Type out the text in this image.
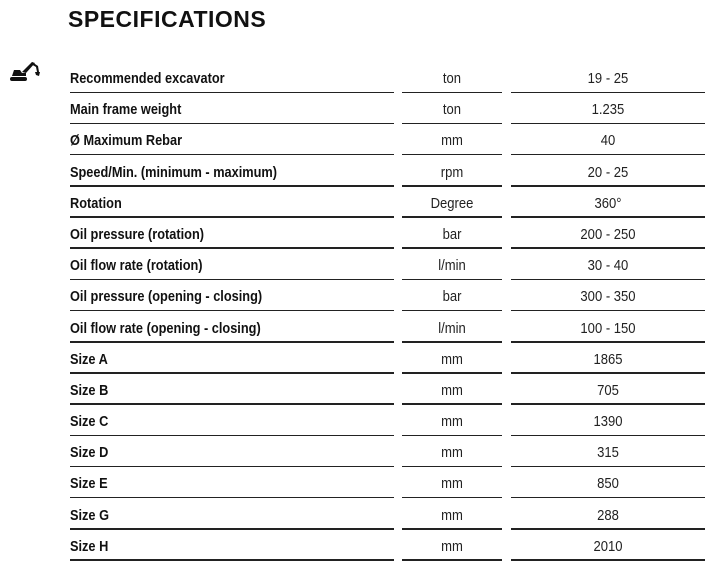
SPECIFICATIONS
Recommended excavator	ton	19 - 25
Main frame weight	ton	1.235
Ø Maximum Rebar	mm	40
Speed/Min. (minimum - maximum)	rpm	20 - 25
Rotation	Degree	360°
Oil pressure (rotation)	bar	200 - 250
Oil flow rate (rotation)	l/min	30 - 40
Oil pressure (opening - closing)	bar	300 - 350
Oil flow rate (opening - closing)	l/min	100 - 150
Size A	mm	1865
Size B	mm	705
Size C	mm	1390
Size D	mm	315
Size E	mm	850
Size G	mm	288
Size H	mm	2010
